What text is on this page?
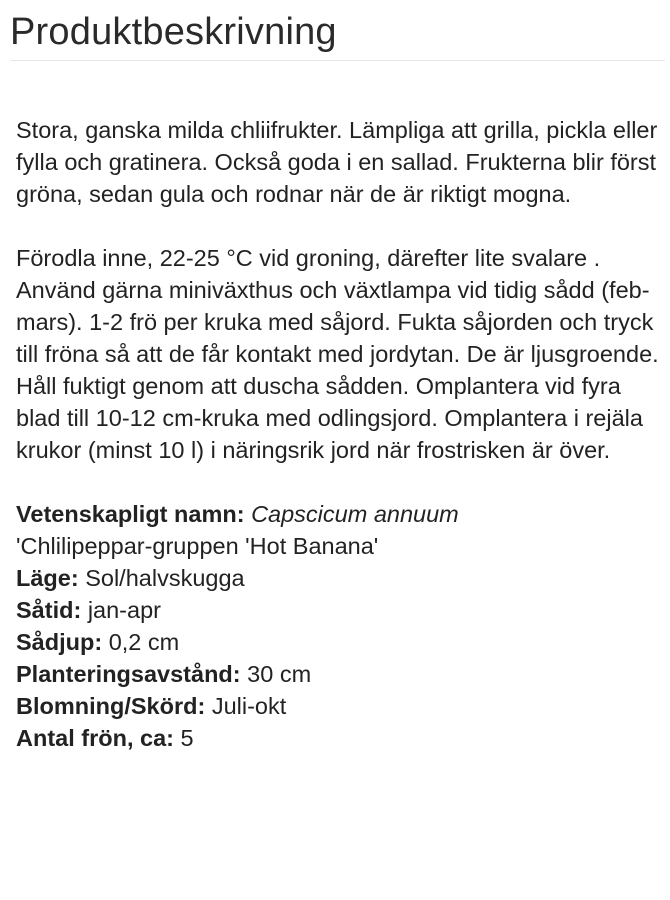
Produktbeskrivning

Stora, ganska milda chliifrukter. Lämpliga att grilla, pickla eller fylla och gratinera. Också goda i en sallad. Frukterna blir först gröna, sedan gula och rodnar när de är riktigt mogna.

Förodla inne, 22-25 °C vid groning, därefter lite svalare . Använd gärna miniväxthus och växtlampa vid tidig sådd (feb-mars). 1-2 frö per kruka med såjord. Fukta såjorden och tryck till fröna så att de får kontakt med jordytan. De är ljusgroende. Håll fuktigt genom att duscha sådden. Omplantera vid fyra blad till 10-12 cm-kruka med odlingsjord. Omplantera i rejäla krukor (minst 10 l) i näringsrik jord när frostrisken är över.

Vetenskapligt namn: Capscicum annuum
'Chlilipeppar-gruppen 'Hot Banana'
Läge: Sol/halvskugga
Såtid: jan-apr
Sådjup: 0,2 cm
Planteringsavstånd: 30 cm
Blomning/Skörd: Juli-okt
Antal frön, ca: 5
